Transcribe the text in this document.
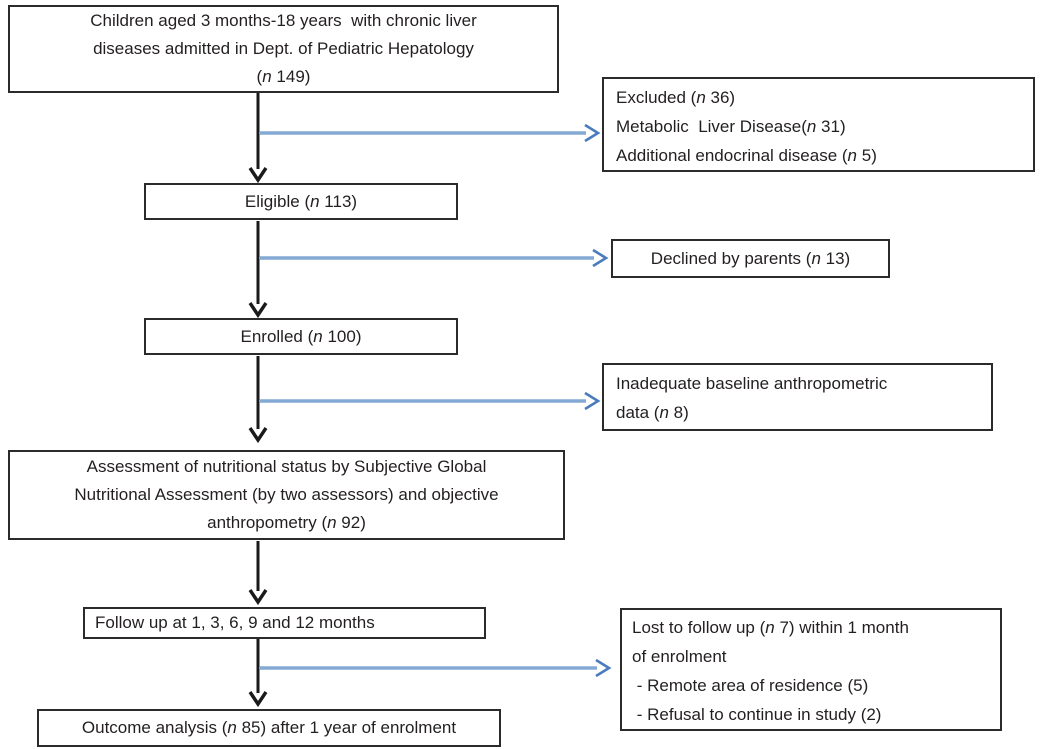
Children aged 3 months-18 years  with chronic liver
diseases admitted in Dept. of Pediatric Hepatology
(n 149)
Excluded (n 36)
Metabolic  Liver Disease(n 31)
Additional endocrinal disease (n 5)
Eligible (n 113)
Declined by parents (n 13)
Enrolled (n 100)
Inadequate baseline anthropometric
data (n 8)
Assessment of nutritional status by Subjective Global
Nutritional Assessment (by two assessors) and objective
anthropometry (n 92)
Follow up at 1, 3, 6, 9 and 12 months	Lost to follow up (n 7) within 1 month
of enrolment
- Remote area of residence (5)
- Refusal to continue in study (2)
Outcome analysis (n 85) after 1 year of enrolment
